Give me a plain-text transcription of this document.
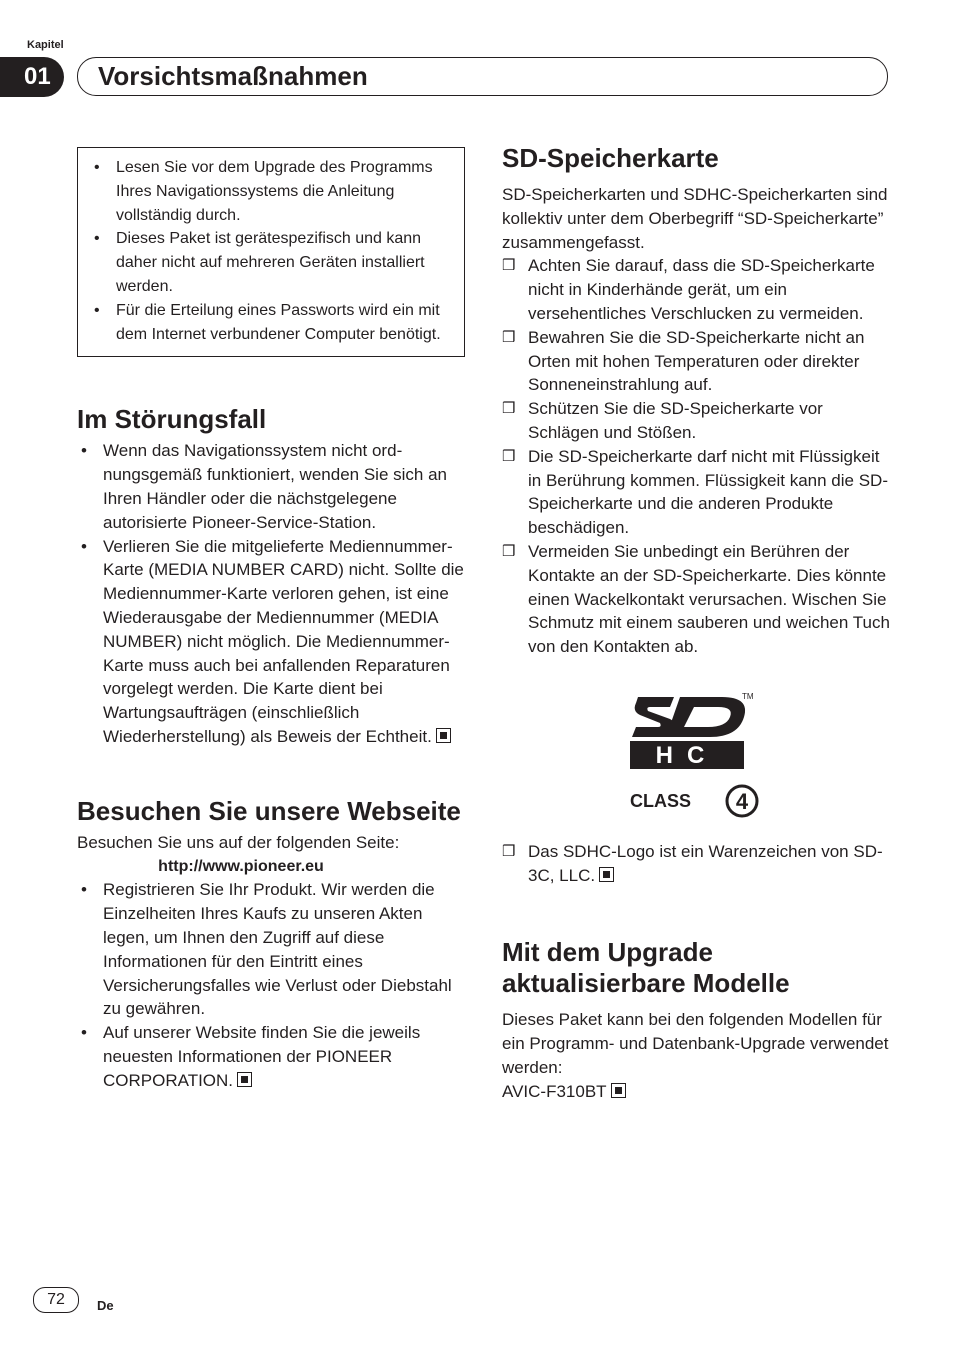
Kapitel
01	Vorsichtsmaßnahmen
• Lesen Sie vor dem Upgrade des Programms Ihres Navigationssystems die Anleitung vollständig durch.
• Dieses Paket ist gerätespezifisch und kann daher nicht auf mehreren Geräten installiert werden.
• Für die Erteilung eines Passworts wird ein mit dem Internet verbundener Computer benötigt.
Im Störungsfall
• Wenn das Navigationssystem nicht ordnungsgemäß funktioniert, wenden Sie sich an Ihren Händler oder die nächstgelegene autorisierte Pioneer-Service-Station.
• Verlieren Sie die mitgelieferte Mediennummer-Karte (MEDIA NUMBER CARD) nicht. Sollte die Mediennummer-Karte verloren gehen, ist eine Wiederausgabe der Mediennummer (MEDIA NUMBER) nicht möglich. Die Mediennummer-Karte muss auch bei anfallenden Reparaturen vorgelegt werden. Die Karte dient bei Wartungsaufträgen (einschließlich Wiederherstellung) als Beweis der Echtheit.
Besuchen Sie unsere Webseite

Besuchen Sie uns auf der folgenden Seite:

http://www.pioneer.eu

• Registrieren Sie Ihr Produkt. Wir werden die Einzelheiten Ihres Kaufs zu unseren Akten legen, um Ihnen den Zugriff auf diese Informationen für den Eintritt eines Versicherungsfalles wie Verlust oder Diebstahl zu gewähren.
• Auf unserer Website finden Sie die jeweils neuesten Informationen der PIONEER CORPORATION.
SD-Speicherkarte

SD-Speicherkarten und SDHC-Speicherkarten sind kollektiv unter dem Oberbegriff “SD-Speicherkarte” zusammengefasst.

❒ Achten Sie darauf, dass die SD-Speicherkarte nicht in Kinderhände gerät, um ein versehentliches Verschlucken zu vermeiden.
❒ Bewahren Sie die SD-Speicherkarte nicht an Orten mit hohen Temperaturen oder direkter Sonneneinstrahlung auf.
❒ Schützen Sie die SD-Speicherkarte vor Schlägen und Stößen.
❒ Die SD-Speicherkarte darf nicht mit Flüssigkeit in Berührung kommen. Flüssigkeit kann die SD-Speicherkarte und die anderen Produkte beschädigen.
❒ Vermeiden Sie unbedingt ein Berühren der Kontakte an der SD-Speicherkarte. Dies könnte einen Wackelkontakt verursachen. Wischen Sie Schmutz mit einem sauberen und weichen Tuch von den Kontakten ab.
TM
HC
CLASS 4
❒ Das SDHC-Logo ist ein Warenzeichen von SD-3C, LLC.
Mit dem Upgrade
aktualisierbare Modelle

Dieses Paket kann bei den folgenden Modellen für ein Programm- und Datenbank-Upgrade verwendet werden:

AVIC-F310BT

72	De
